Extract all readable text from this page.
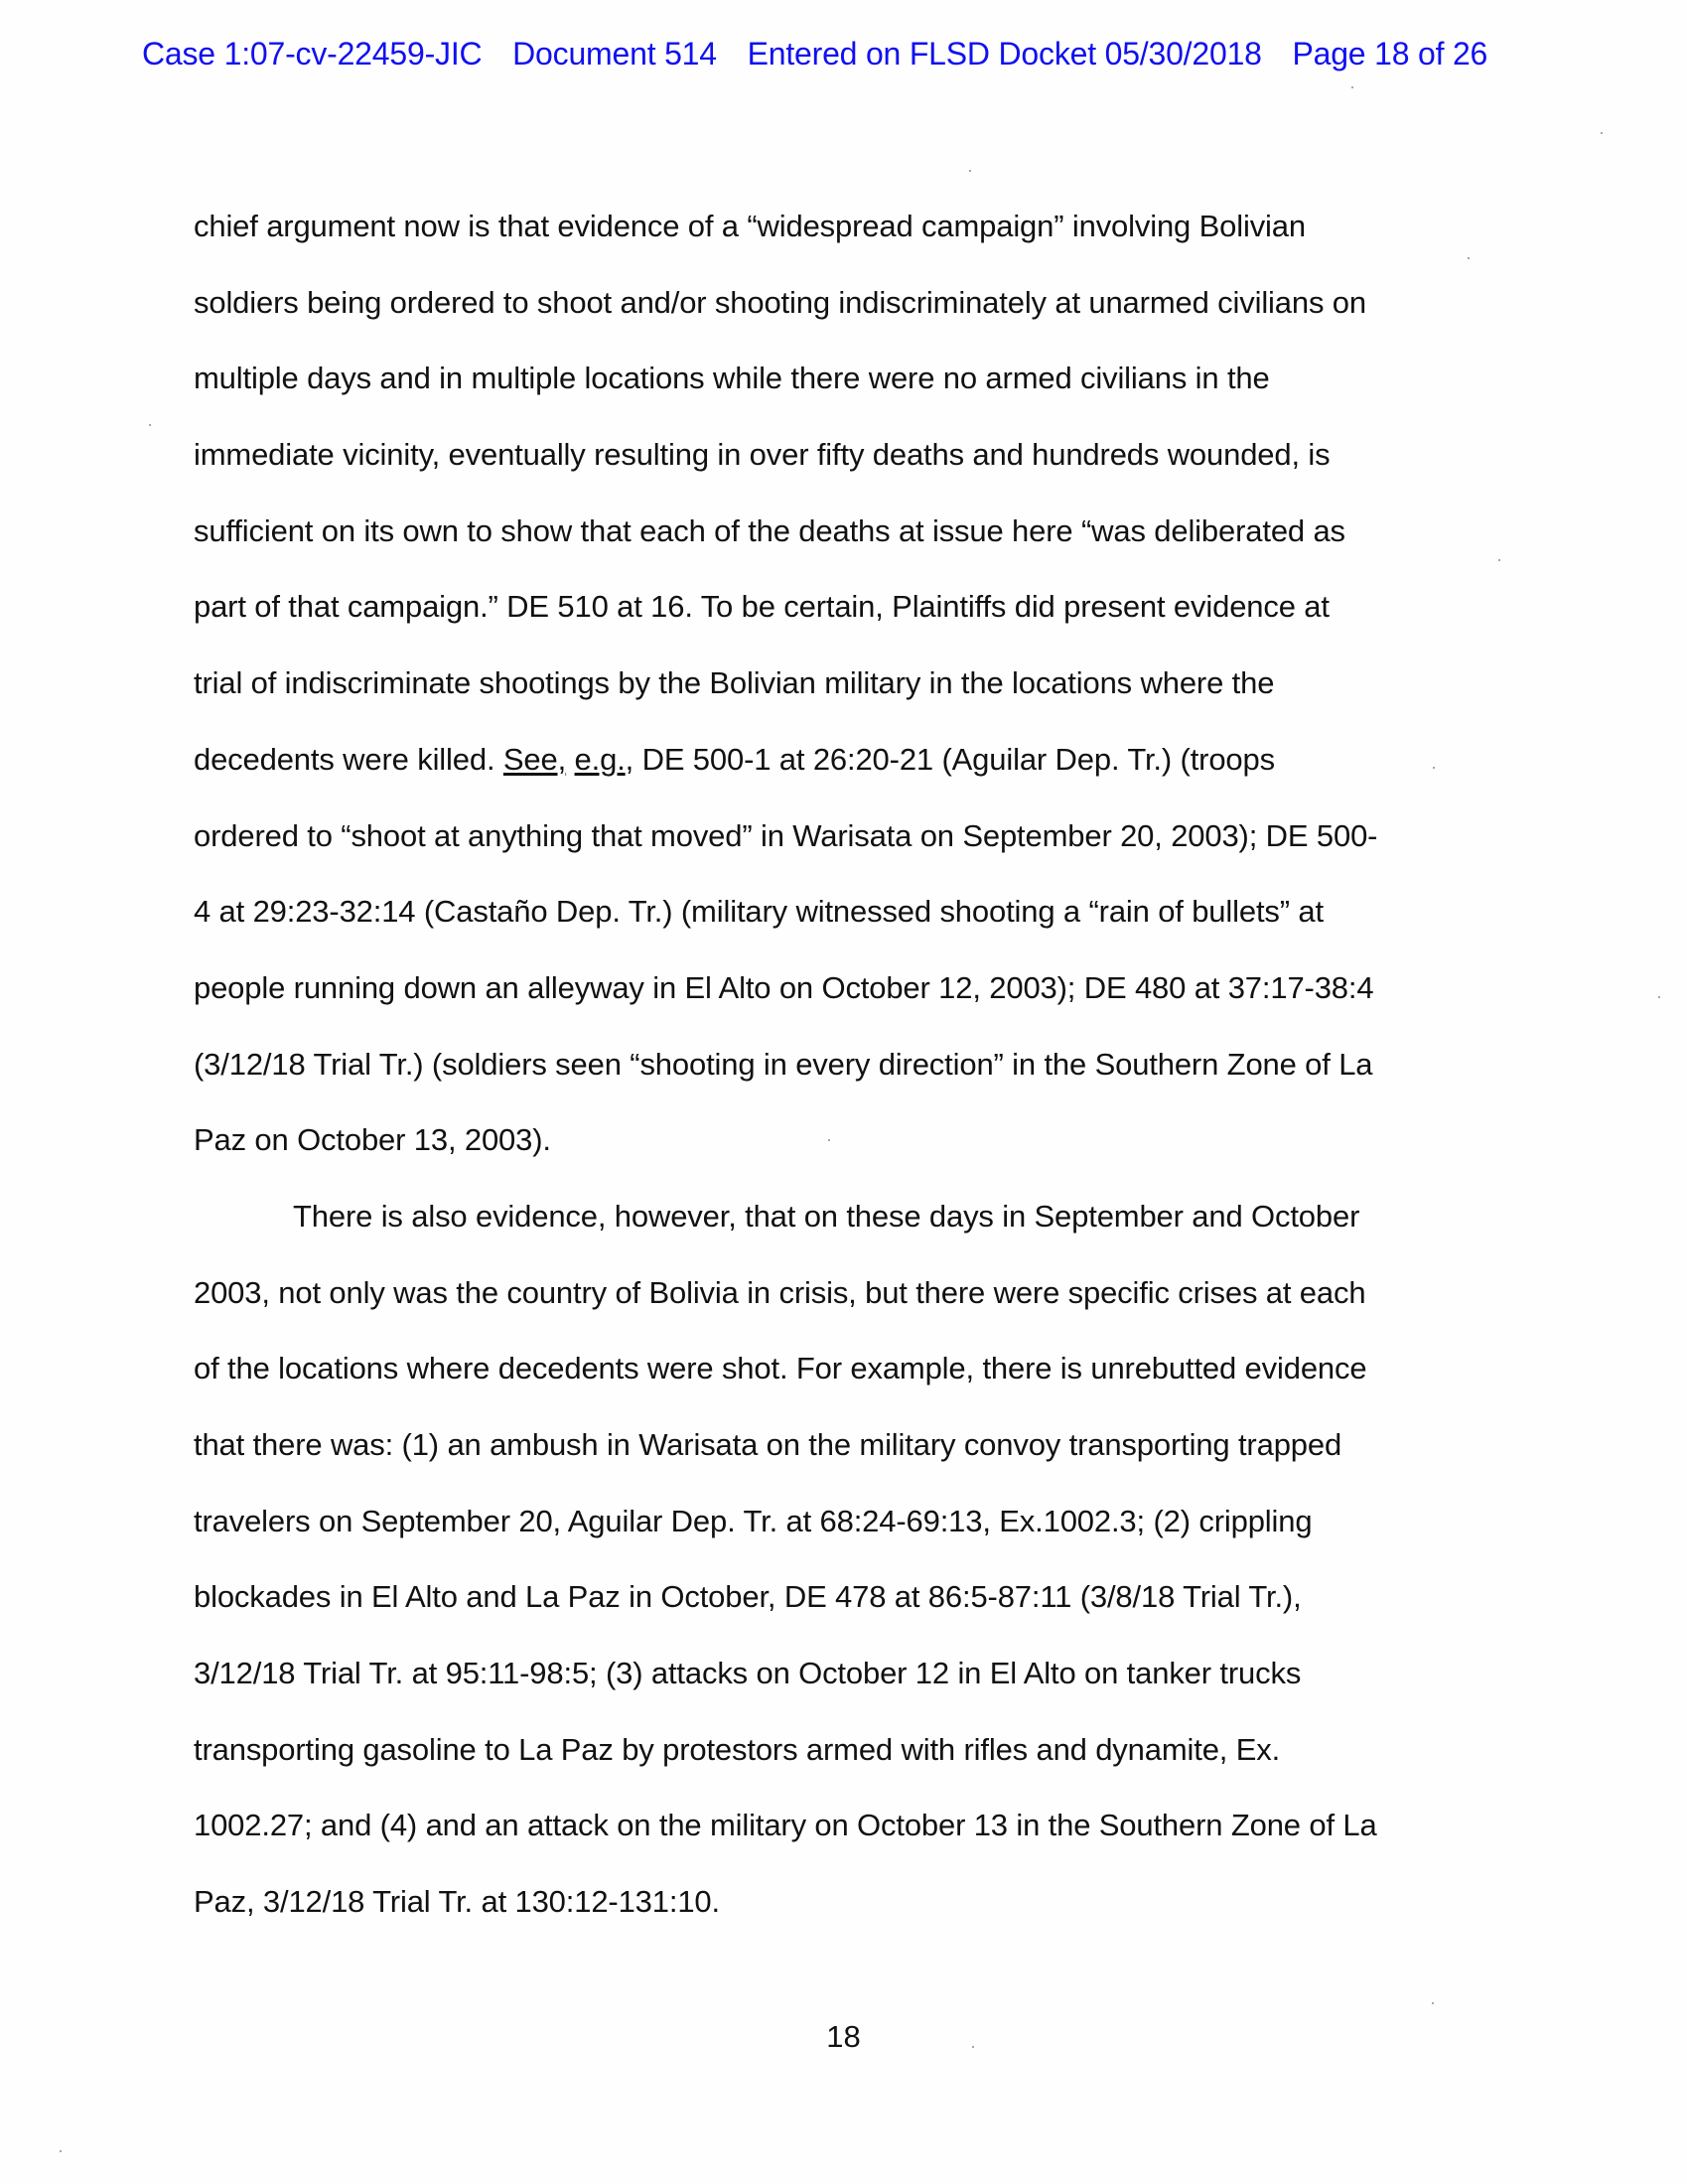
Case 1:07-cv-22459-JIC Document 514 Entered on FLSD Docket 05/30/2018 Page 18 of 26
chief argument now is that evidence of a “widespread campaign” involving Bolivian
soldiers being ordered to shoot and/or shooting indiscriminately at unarmed civilians on
multiple days and in multiple locations while there were no armed civilians in the
immediate vicinity, eventually resulting in over fifty deaths and hundreds wounded, is
sufficient on its own to show that each of the deaths at issue here “was deliberated as
part of that campaign.” DE 510 at 16. To be certain, Plaintiffs did present evidence at
trial of indiscriminate shootings by the Bolivian military in the locations where the
decedents were killed. See, e.g., DE 500-1 at 26:20-21 (Aguilar Dep. Tr.) (troops
ordered to “shoot at anything that moved” in Warisata on September 20, 2003); DE 500-
4 at 29:23-32:14 (Castaño Dep. Tr.) (military witnessed shooting a “rain of bullets” at
people running down an alleyway in El Alto on October 12, 2003); DE 480 at 37:17-38:4
(3/12/18 Trial Tr.) (soldiers seen “shooting in every direction” in the Southern Zone of La
Paz on October 13, 2003).
There is also evidence, however, that on these days in September and October
2003, not only was the country of Bolivia in crisis, but there were specific crises at each
of the locations where decedents were shot. For example, there is unrebutted evidence
that there was: (1) an ambush in Warisata on the military convoy transporting trapped
travelers on September 20, Aguilar Dep. Tr. at 68:24-69:13, Ex.1002.3; (2) crippling
blockades in El Alto and La Paz in October, DE 478 at 86:5-87:11 (3/8/18 Trial Tr.),
3/12/18 Trial Tr. at 95:11-98:5; (3) attacks on October 12 in El Alto on tanker trucks
transporting gasoline to La Paz by protestors armed with rifles and dynamite, Ex.
1002.27; and (4) and an attack on the military on October 13 in the Southern Zone of La
Paz, 3/12/18 Trial Tr. at 130:12-131:10.
18
